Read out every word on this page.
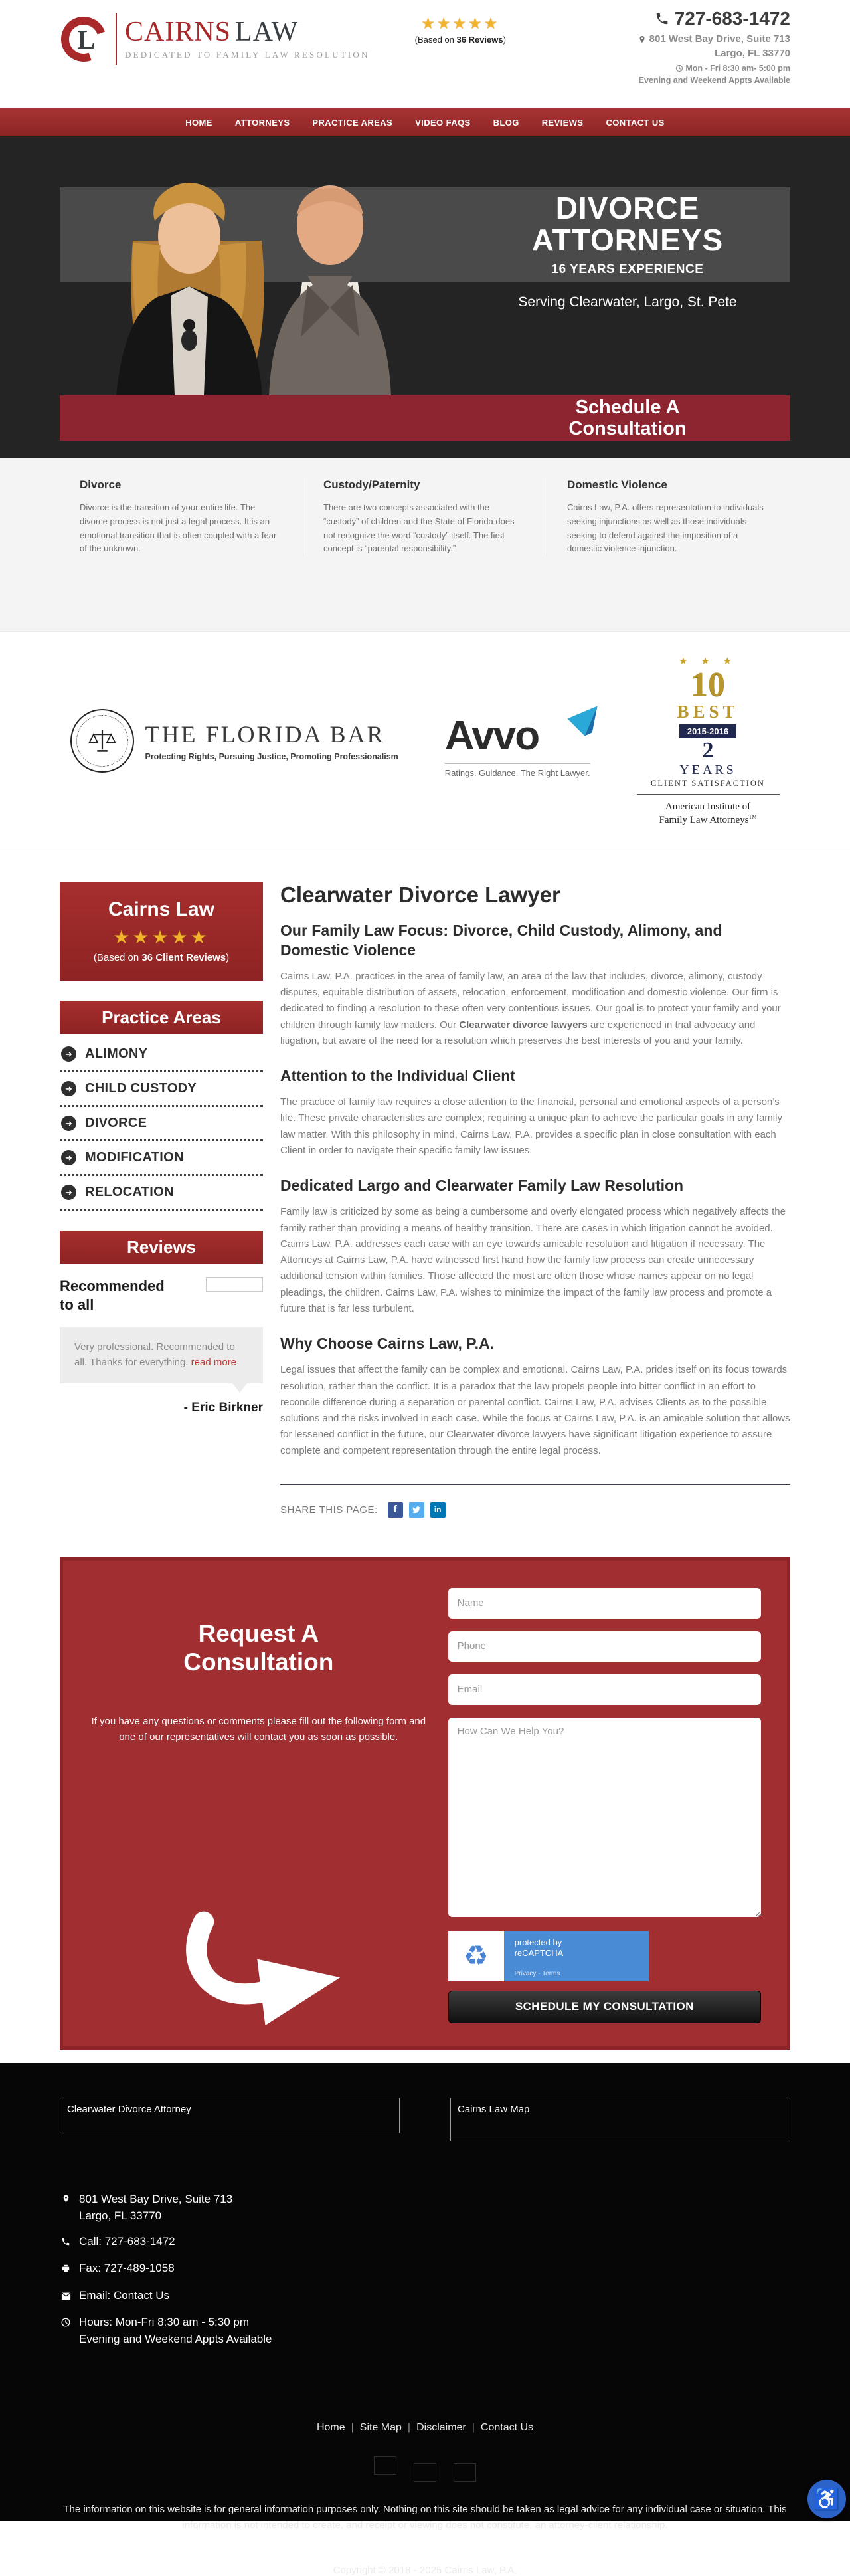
L	CAIRNS LAW
DEDICATED TO FAMILY LAW RESOLUTION
★★★★★
(Based on 36 Reviews)
727-683-1472
801 West Bay Drive, Suite 713
Largo, FL 33770
Mon - Fri 8:30 am- 5:00 pm
Evening and Weekend Appts Available
HOME	ATTORNEYS	PRACTICE AREAS	VIDEO FAQS	BLOG	REVIEWS	CONTACT US
DIVORCE
ATTORNEYS
16 YEARS EXPERIENCE
Serving Clearwater, Largo, St. Pete
Schedule A
Consultation
Divorce

Divorce is the transition of your entire life. The divorce process is not just a legal process. It is an emotional transition that is often coupled with a fear of the unknown.

Custody/Paternity

There are two concepts associated with the “custody” of children and the State of Florida does not recognize the word “custody” itself. The first concept is “parental responsibility.”

Domestic Violence

Cairns Law, P.A. offers representation to individuals seeking injunctions as well as those individuals seeking to defend against the imposition of a domestic violence injunction.

THE FLORIDA BAR
Protecting Rights, Pursuing Justice, Promoting Professionalism Avvo
Ratings. Guidance. The Right Lawyer.
★ ★ ★
10
BEST
2015-2016
2
YEARS
CLIENT SATISFACTION
American Institute of
Family Law Attorneys™
Cairns Law
★★★★★
(Based on 36 Client Reviews)
Practice Areas
➜ ALIMONY
➜ CHILD CUSTODY
➜ DIVORCE
➜ MODIFICATION
➜ RELOCATION
Reviews
Recommended to all
Very professional. Recommended to all. Thanks for everything. read more
- Eric Birkner
Clearwater Divorce Lawyer
Our Family Law Focus: Divorce, Child Custody, Alimony, and Domestic Violence

Cairns Law, P.A. practices in the area of family law, an area of the law that includes, divorce, alimony, custody disputes, equitable distribution of assets, relocation, enforcement, modification and domestic violence. Our firm is dedicated to finding a resolution to these often very contentious issues. Our goal is to protect your family and your children through family law matters. Our Clearwater divorce lawyers are experienced in trial advocacy and litigation, but aware of the need for a resolution which preserves the best interests of you and your family.

Attention to the Individual Client

The practice of family law requires a close attention to the financial, personal and emotional aspects of a person’s life. These private characteristics are complex; requiring a unique plan to achieve the particular goals in any family law matter. With this philosophy in mind, Cairns Law, P.A. provides a specific plan in close consultation with each Client in order to navigate their specific family law issues.

Dedicated Largo and Clearwater Family Law Resolution

Family law is criticized by some as being a cumbersome and overly elongated process which negatively affects the family rather than providing a means of healthy transition. There are cases in which litigation cannot be avoided. Cairns Law, P.A. addresses each case with an eye towards amicable resolution and litigation if necessary. The Attorneys at Cairns Law, P.A. have witnessed first hand how the family law process can create unnecessary additional tension within families. Those affected the most are often those whose names appear on no legal pleadings, the children. Cairns Law, P.A. wishes to minimize the impact of the family law process and promote a future that is far less turbulent.

Why Choose Cairns Law, P.A.

Legal issues that affect the family can be complex and emotional. Cairns Law, P.A. prides itself on its focus towards resolution, rather than the conflict. It is a paradox that the law propels people into bitter conflict in an effort to reconcile difference during a separation or parental conflict. Cairns Law, P.A. advises Clients as to the possible solutions and the risks involved in each case. While the focus at Cairns Law, P.A. is an amicable solution that allows for lessened conflict in the future, our Clearwater divorce lawyers have significant litigation experience to assure complete and competent representation through the entire legal process.

SHARE THIS PAGE:	f	in
Request A
Consultation
If you have any questions or comments please fill out the following form and one of our representatives will contact you as soon as possible.
Name Phone Email How Can We Help You?
♻	protected by
reCAPTCHA
Privacy - Terms
SCHEDULE MY CONSULTATION
Clearwater Divorce Attorney	Cairns Law Map
801 West Bay Drive, Suite 713
Largo, FL 33770
Call: 727-683-1472
Fax: 727-489-1058
Email: Contact Us
Hours: Mon-Fri 8:30 am - 5:30 pm
Evening and Weekend Appts Available
Home | Site Map | Disclaimer | Contact Us
The information on this website is for general information purposes only. Nothing on this site should be taken as legal advice for any individual case or situation. This information is not intended to create, and receipt or viewing does not constitute, an attorney-client relationship.
Copyright © 2018 - 2025 Cairns Law, P.A.
♿
